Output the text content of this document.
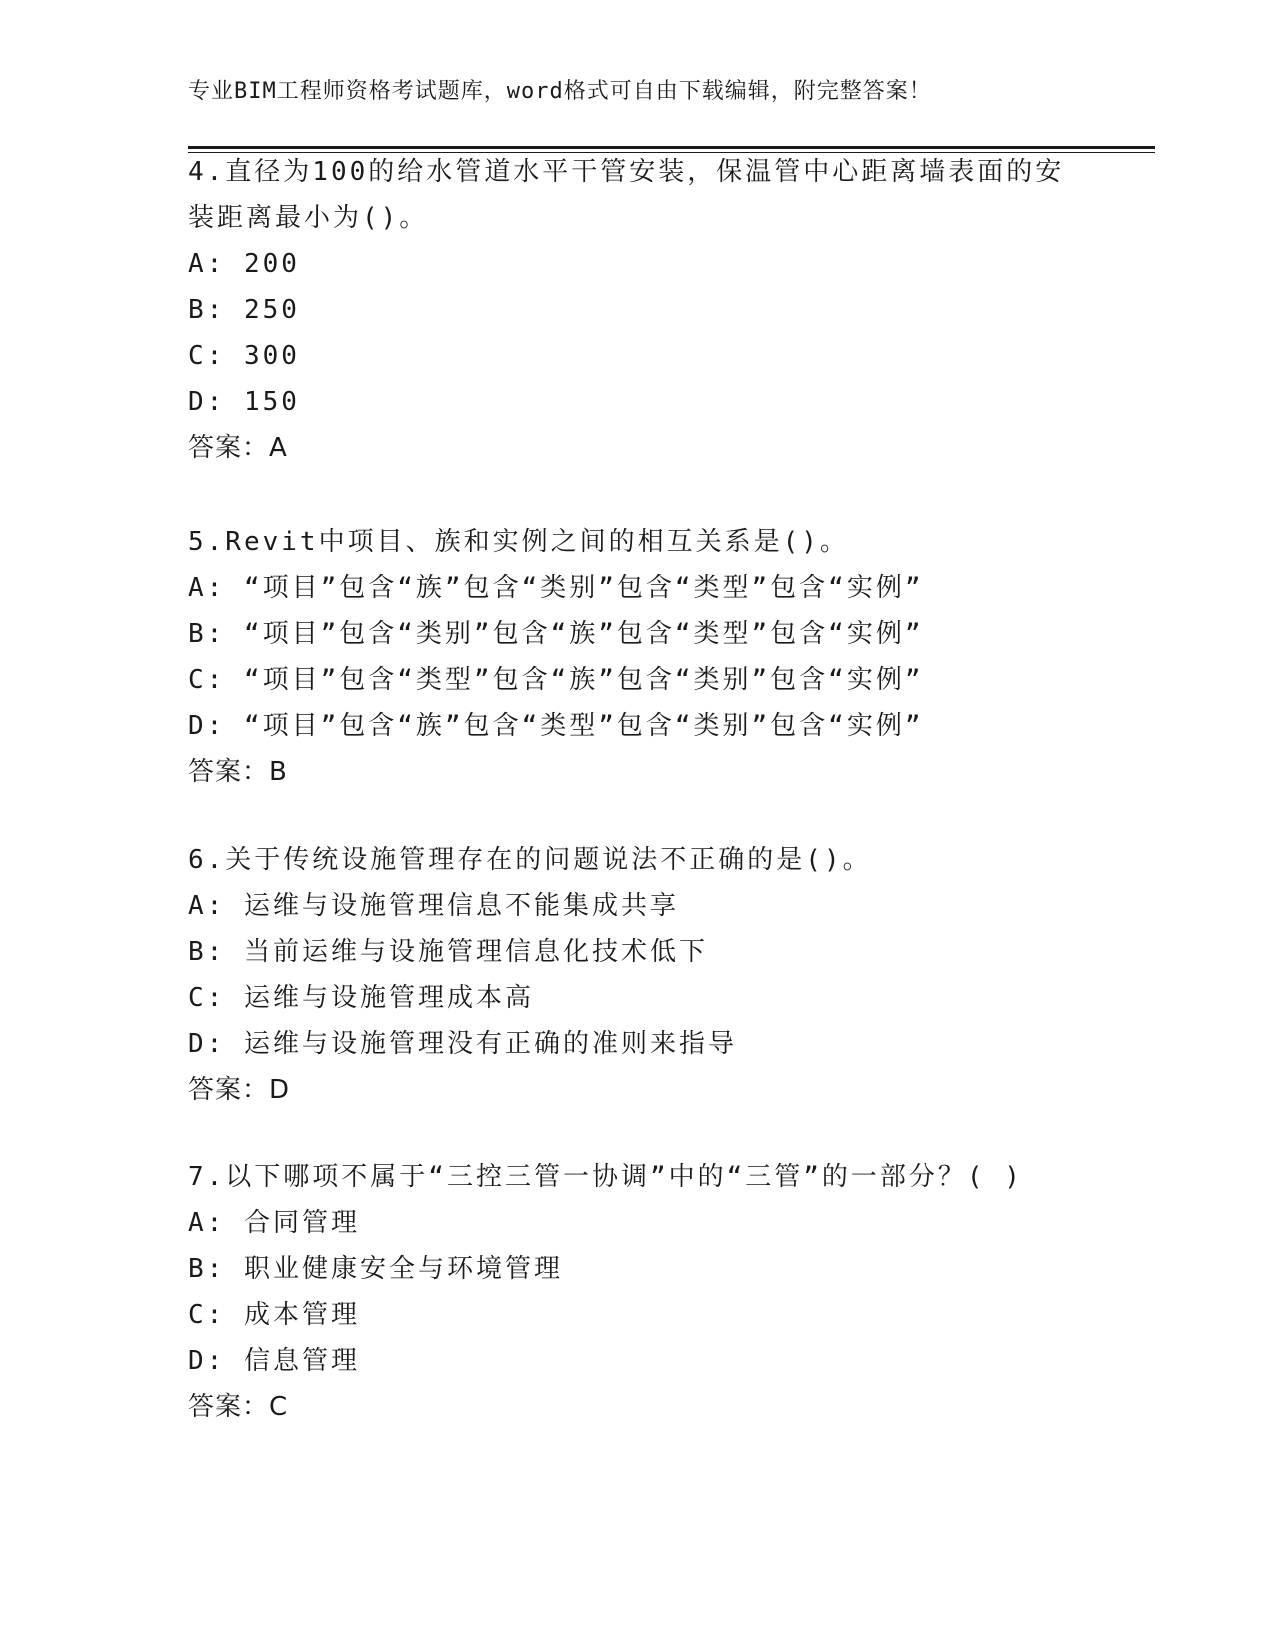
专业BIM工程师资格考试题库，word格式可自由下载编辑，附完整答案！
4.直径为100的给水管道水平干管安装，保温管中心距离墙表面的安
装距离最小为()。
A: 200
B: 250
C: 300
D: 150
答案：A
5.Revit中项目、族和实例之间的相互关系是()。
A: “项目”包含“族”包含“类别”包含“类型”包含“实例”
B: “项目”包含“类别”包含“族”包含“类型”包含“实例”
C: “项目”包含“类型”包含“族”包含“类别”包含“实例”
D: “项目”包含“族”包含“类型”包含“类别”包含“实例”
答案：B
6.关于传统设施管理存在的问题说法不正确的是()。
A: 运维与设施管理信息不能集成共享
B: 当前运维与设施管理信息化技术低下
C: 运维与设施管理成本高
D: 运维与设施管理没有正确的准则来指导
答案：D
7.以下哪项不属于“三控三管一协调”中的“三管”的一部分？( )
A: 合同管理
B: 职业健康安全与环境管理
C: 成本管理
D: 信息管理
答案：C
